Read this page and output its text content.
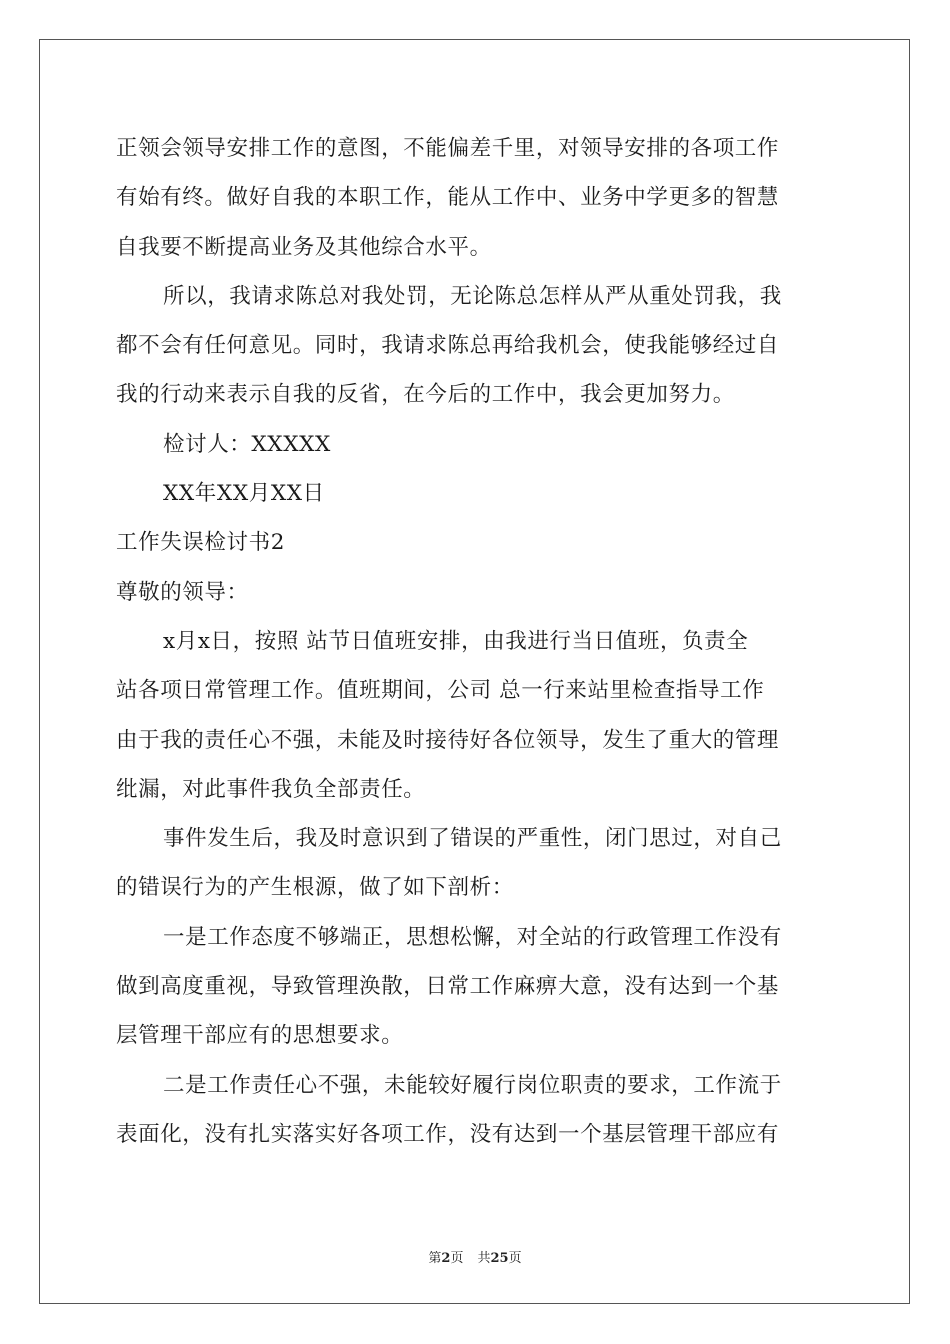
正领会领导安排工作的意图，不能偏差千里，对领导安排的各项工作
有始有终。做好自我的本职工作，能从工作中、业务中学更多的智慧
自我要不断提高业务及其他综合水平。
所以，我请求陈总对我处罚，无论陈总怎样从严从重处罚我，我
都不会有任何意见。同时，我请求陈总再给我机会，使我能够经过自
我的行动来表示自我的反省，在今后的工作中，我会更加努力。
检讨人：XXXXX
XX年XX月XX日
工作失误检讨书2
尊敬的领导：
x月x日，按照 站节日值班安排，由我进行当日值班，负责全
站各项日常管理工作。值班期间，公司 总一行来站里检查指导工作
由于我的责任心不强，未能及时接待好各位领导，发生了重大的管理
纰漏，对此事件我负全部责任。
事件发生后，我及时意识到了错误的严重性，闭门思过，对自己
的错误行为的产生根源，做了如下剖析：
一是工作态度不够端正，思想松懈，对全站的行政管理工作没有
做到高度重视，导致管理涣散，日常工作麻痹大意，没有达到一个基
层管理干部应有的思想要求。
二是工作责任心不强，未能较好履行岗位职责的要求，工作流于
表面化，没有扎实落实好各项工作，没有达到一个基层管理干部应有
第2页 共25页
